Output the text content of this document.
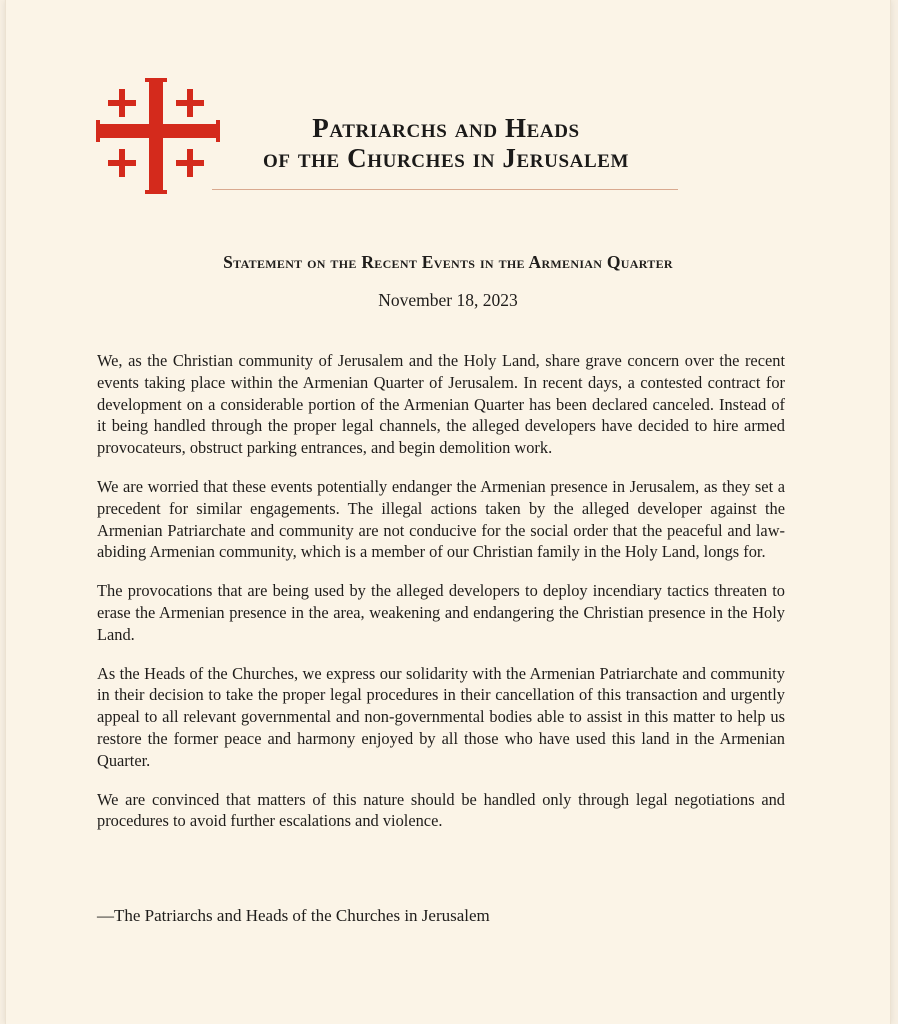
Patriarchs and Heads
of the Churches in Jerusalem
Statement on the Recent Events in the Armenian Quarter
November 18, 2023

We, as the Christian community of Jerusalem and the Holy Land, share grave concern over the recent events taking place within the Armenian Quarter of Jerusalem. In recent days, a contested contract for development on a considerable portion of the Armenian Quarter has been declared canceled. Instead of it being handled through the proper legal channels, the alleged developers have decided to hire armed provocateurs, obstruct parking entrances, and begin demolition work.

We are worried that these events potentially endanger the Armenian presence in Jerusalem, as they set a precedent for similar engagements. The illegal actions taken by the alleged developer against the Armenian Patriarchate and community are not conducive for the social order that the peaceful and law-abiding Armenian community, which is a member of our Christian family in the Holy Land, longs for.

The provocations that are being used by the alleged developers to deploy incendiary tactics threaten to erase the Armenian presence in the area, weakening and endangering the Christian presence in the Holy Land.

As the Heads of the Churches, we express our solidarity with the Armenian Patriarchate and community in their decision to take the proper legal procedures in their cancellation of this transaction and urgently appeal to all relevant governmental and non-governmental bodies able to assist in this matter to help us restore the former peace and harmony enjoyed by all those who have used this land in the Armenian Quarter.

We are convinced that matters of this nature should be handled only through legal negotiations and procedures to avoid further escalations and violence.

—The Patriarchs and Heads of the Churches in Jerusalem
